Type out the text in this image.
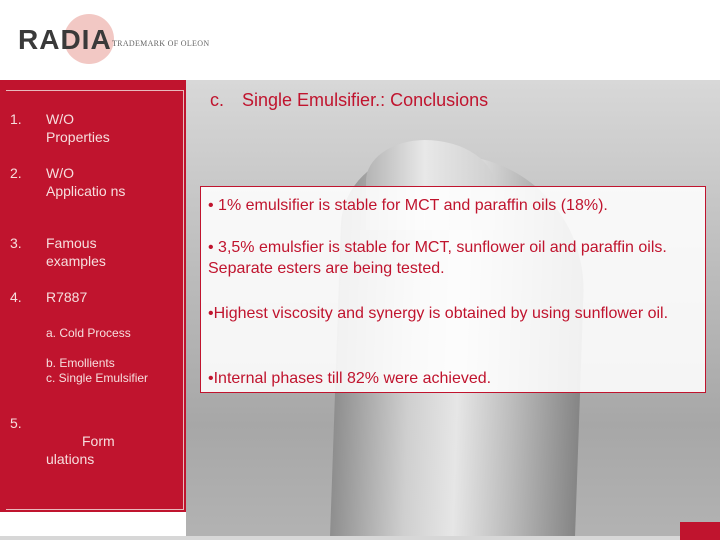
RADIA TRADEMARK OF OLEON
1. W/O Properties
2. W/O Applicatio ns
3. Famous examples
4. R7887
a. Cold Process
b. Emollients
c. Single Emulsifier
5.
Form ulations
c. Single Emulsifier.: Conclusions
• 1% emulsifier is stable for MCT and paraffin oils (18%).
• 3,5% emulsfier is stable for MCT, sunflower oil and paraffin oils. Separate esters are being tested.
•Highest viscosity and synergy is obtained by using sunflower oil.
•Internal phases till 82% were achieved.
